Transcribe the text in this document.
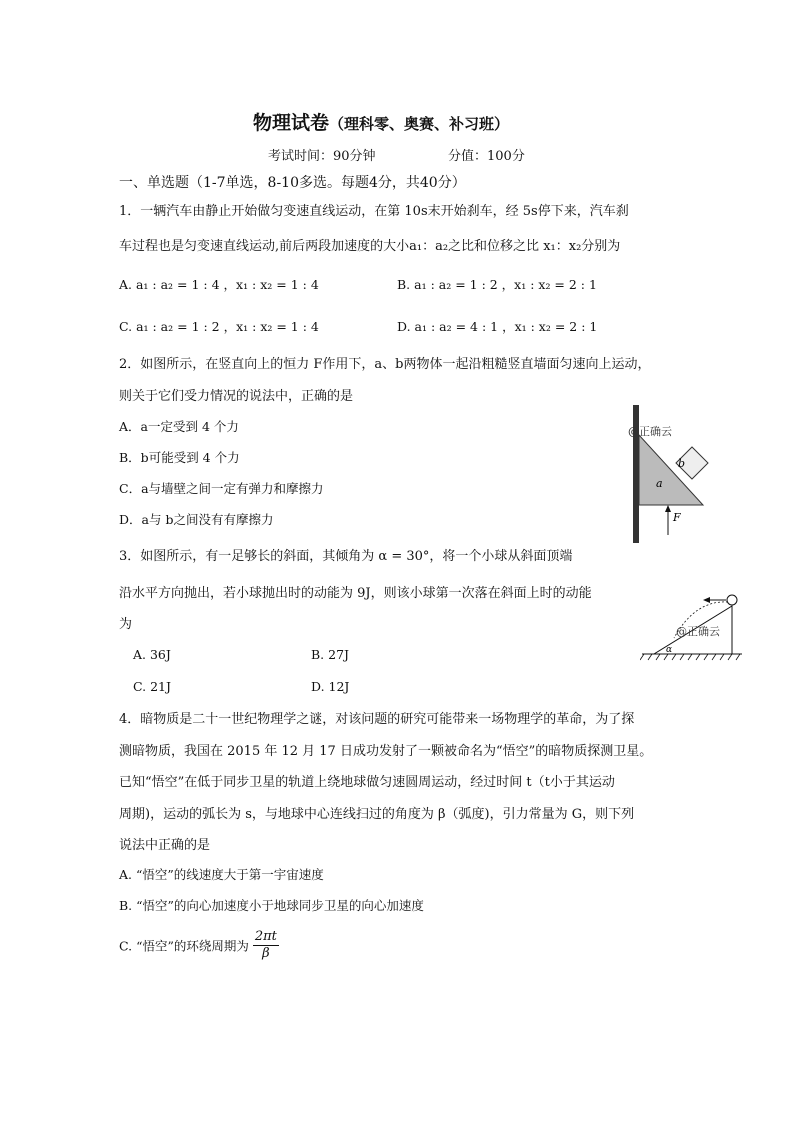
物理试卷（理科零、奥赛、补习班）
考试时间：90分钟	分值：100分
一、单选题（1-7单选，8-10多选。每题4分，共40分）
1．一辆汽车由静止开始做匀变速直线运动，在第 10s末开始刹车，经 5s停下来，汽车刹
车过程也是匀变速直线运动,前后两段加速度的大小a₁：a₂之比和位移之比 x₁：x₂分别为
A. a₁ : a₂ = 1 : 4 ，x₁ : x₂ = 1 : 4	B. a₁ : a₂ = 1 : 2 ，x₁ : x₂ = 2 : 1
C. a₁ : a₂ = 1 : 2 ，x₁ : x₂ = 1 : 4	D. a₁ : a₂ = 4 : 1 ，x₁ : x₂ = 2 : 1
2．如图所示，在竖直向上的恒力 F作用下，a、b两物体一起沿粗糙竖直墙面匀速向上运动，
则关于它们受力情况的说法中，正确的是
A．a一定受到 4 个力
B．b可能受到 4 个力
C．a与墙壁之间一定有弹力和摩擦力
D．a与 b之间没有有摩擦力
@正确云
a
b
F
3．如图所示，有一足够长的斜面，其倾角为 α = 30°，将一个小球从斜面顶端
沿水平方向抛出，若小球抛出时的动能为 9J，则该小球第一次落在斜面上时的动能
为
A. 36J	B. 27J
C. 21J	D. 12J
@正确云
α
4．暗物质是二十一世纪物理学之谜，对该问题的研究可能带来一场物理学的革命，为了探
测暗物质，我国在 2015 年 12 月 17 日成功发射了一颗被命名为“悟空”的暗物质探测卫星。
已知“悟空”在低于同步卫星的轨道上绕地球做匀速圆周运动，经过时间 t（t小于其运动
周期)，运动的弧长为 s，与地球中心连线扫过的角度为 β（弧度)，引力常量为 G，则下列
说法中正确的是
A. “悟空”的线速度大于第一宇宙速度
B. “悟空”的向心加速度小于地球同步卫星的向心加速度
C. “悟空”的环绕周期为 $\frac{2\pi t}{\beta}$
